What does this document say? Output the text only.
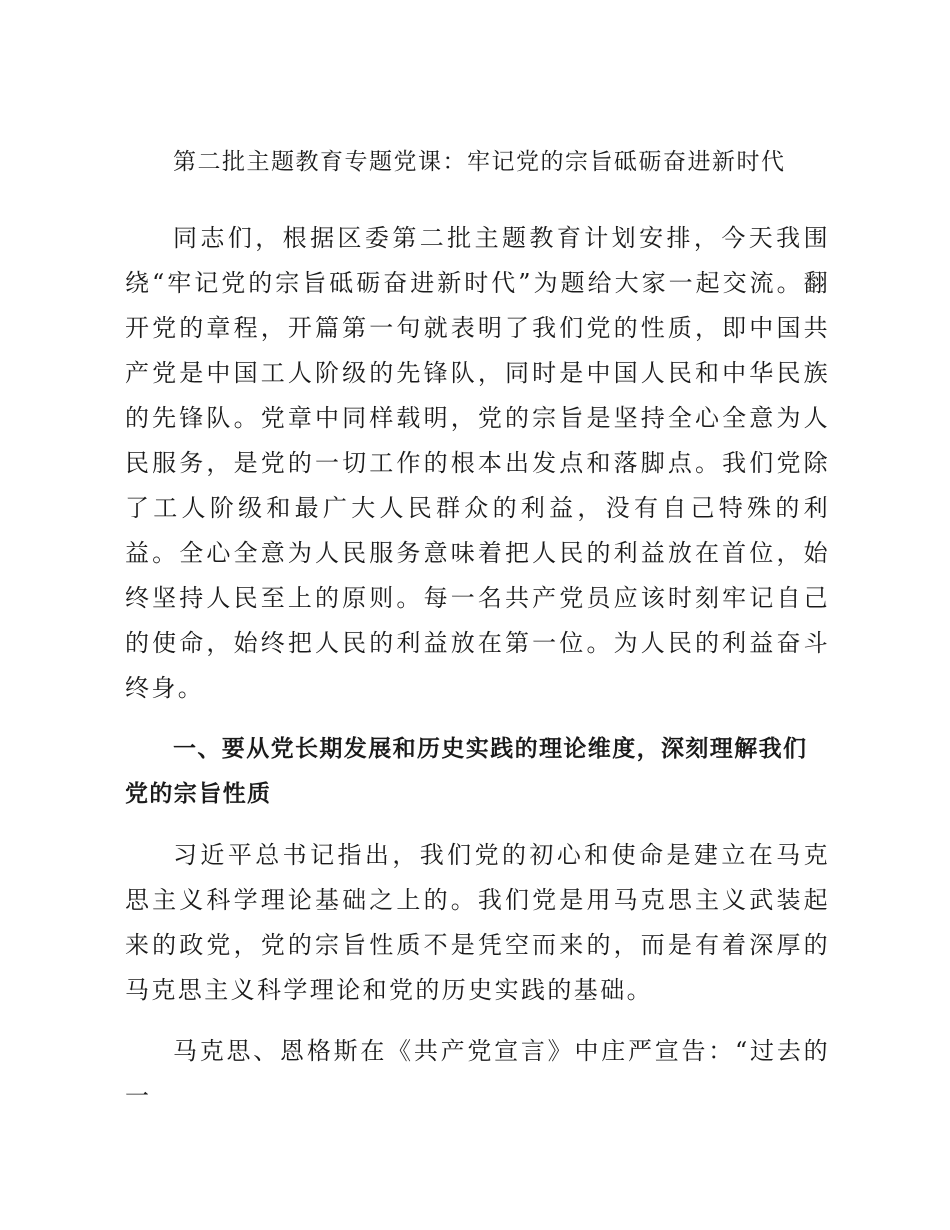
第二批主题教育专题党课：牢记党的宗旨砥砺奋进新时代

同志们，根据区委第二批主题教育计划安排，今天我围绕“牢记党的宗旨砥砺奋进新时代”为题给大家一起交流。翻开党的章程，开篇第一句就表明了我们党的性质，即中国共产党是中国工人阶级的先锋队，同时是中国人民和中华民族的先锋队。党章中同样载明，党的宗旨是坚持全心全意为人民服务，是党的一切工作的根本出发点和落脚点。我们党除了工人阶级和最广大人民群众的利益，没有自己特殊的利益。全心全意为人民服务意味着把人民的利益放在首位，始终坚持人民至上的原则。每一名共产党员应该时刻牢记自己的使命，始终把人民的利益放在第一位。为人民的利益奋斗终身。

一、要从党长期发展和历史实践的理论维度，深刻理解我们党的宗旨性质

习近平总书记指出，我们党的初心和使命是建立在马克思主义科学理论基础之上的。我们党是用马克思主义武装起来的政党，党的宗旨性质不是凭空而来的，而是有着深厚的马克思主义科学理论和党的历史实践的基础。

马克思、恩格斯在《共产党宣言》中庄严宣告：“过去的一
